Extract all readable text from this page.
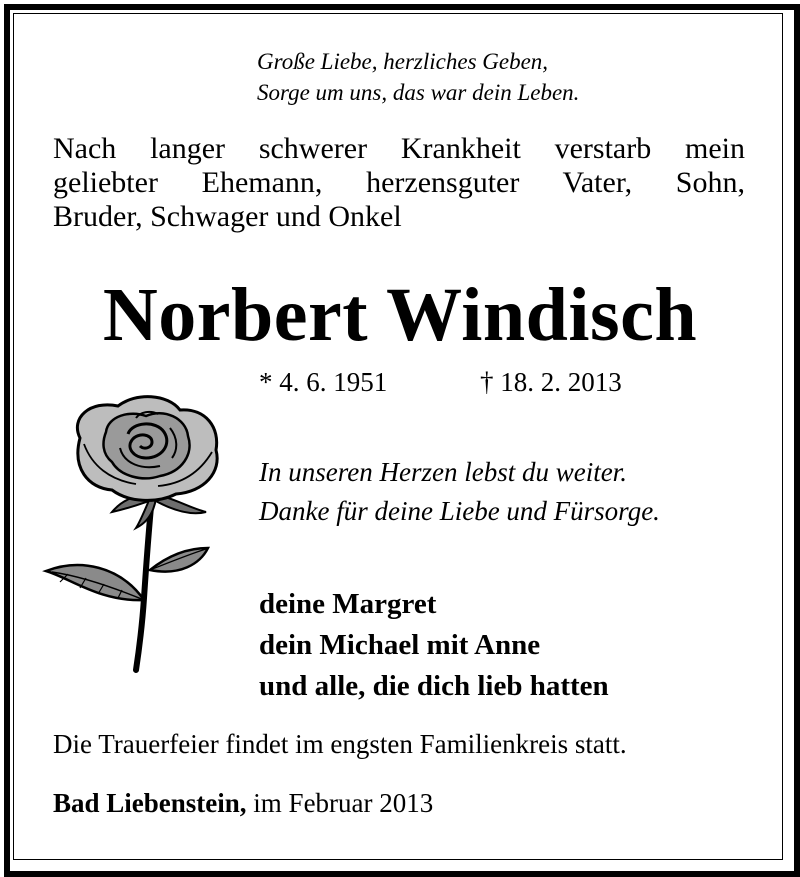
Große Liebe, herzliches Geben,
Sorge um uns, das war dein Leben.
Nach langer schwerer Krankheit verstarb mein
geliebter Ehemann, herzensguter Vater, Sohn,
Bruder, Schwager und Onkel
Norbert Windisch
* 4. 6. 1951	† 18. 2. 2013
In unseren Herzen lebst du weiter.
Danke für deine Liebe und Fürsorge.
deine Margret
dein Michael mit Anne
und alle, die dich lieb hatten
Die Trauerfeier findet im engsten Familienkreis statt.
Bad Liebenstein, im Februar 2013
